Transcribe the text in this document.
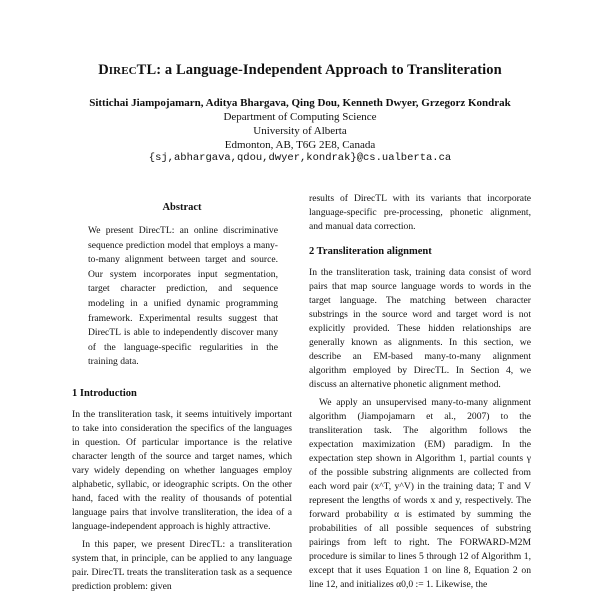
DIRECTL: a Language-Independent Approach to Transliteration
Sittichai Jiampojamarn, Aditya Bhargava, Qing Dou, Kenneth Dwyer, Grzegorz Kondrak
Department of Computing Science
University of Alberta
Edmonton, AB, T6G 2E8, Canada
{sj,abhargava,qdou,dwyer,kondrak}@cs.ualberta.ca
Abstract

We present DirecTL: an online discriminative sequence prediction model that employs a many-to-many alignment between target and source. Our system incorporates input segmentation, target character prediction, and sequence modeling in a unified dynamic programming framework. Experimental results suggest that DirecTL is able to independently discover many of the language-specific regularities in the training data.

1 Introduction

In the transliteration task, it seems intuitively important to take into consideration the specifics of the languages in question. Of particular importance is the relative character length of the source and target names, which vary widely depending on whether languages employ alphabetic, syllabic, or ideographic scripts. On the other hand, faced with the reality of thousands of potential language pairs that involve transliteration, the idea of a language-independent approach is highly attractive.

In this paper, we present DirecTL: a transliteration system that, in principle, can be applied to any language pair. DirecTL treats the transliteration task as a sequence prediction problem: given

results of DirecTL with its variants that incorporate language-specific pre-processing, phonetic alignment, and manual data correction.

2 Transliteration alignment

In the transliteration task, training data consist of word pairs that map source language words to words in the target language. The matching between character substrings in the source word and target word is not explicitly provided. These hidden relationships are generally known as alignments. In this section, we describe an EM-based many-to-many alignment algorithm employed by DirecTL. In Section 4, we discuss an alternative phonetic alignment method.

We apply an unsupervised many-to-many alignment algorithm (Jiampojamarn et al., 2007) to the transliteration task. The algorithm follows the expectation maximization (EM) paradigm. In the expectation step shown in Algorithm 1, partial counts γ of the possible substring alignments are collected from each word pair (x^T, y^V) in the training data; T and V represent the lengths of words x and y, respectively. The forward probability α is estimated by summing the probabilities of all possible sequences of substring pairings from left to right. The FORWARD-M2M procedure is similar to lines 5 through 12 of Algorithm 1, except that it uses Equation 1 on line 8, Equation 2 on line 12, and initializes α0,0 := 1. Likewise, the
